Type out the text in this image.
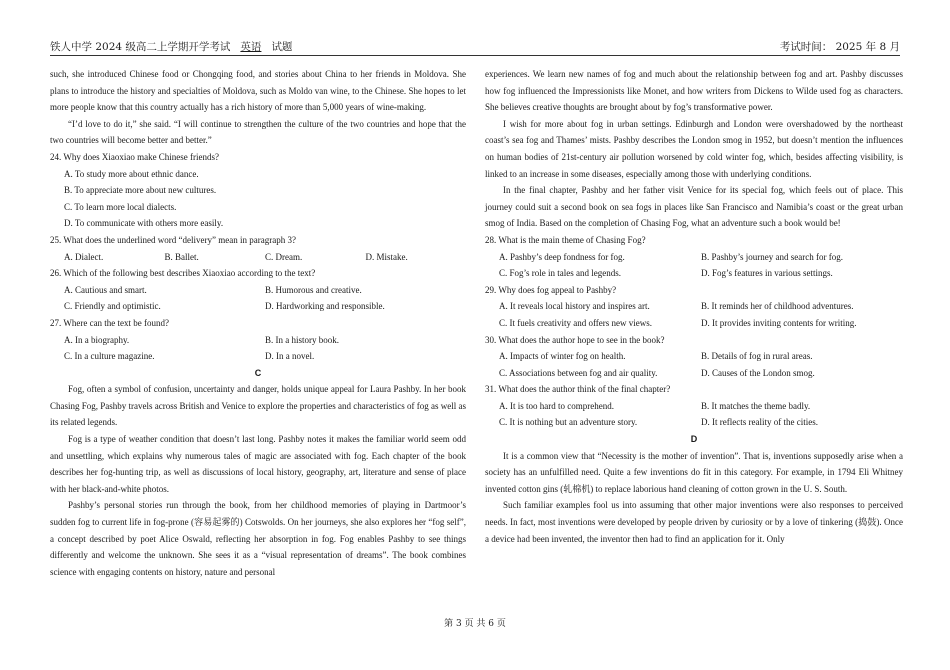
铁人中学 2024 级高二上学期开学考试 英语 试题	考试时间： 2025 年 8 月

such, she introduced Chinese food or Chongqing food, and stories about China to her friends in Moldova. She plans to introduce the history and specialties of Moldova, such as Moldo van wine, to the Chinese. She hopes to let more people know that this country actually has a rich history of more than 5,000 years of wine-making.

“I’d love to do it,” she said. “I will continue to strengthen the culture of the two countries and hope that the two countries will become better and better.”

24. Why does Xiaoxiao make Chinese friends?

A. To study more about ethnic dance.
B. To appreciate more about new cultures.
C. To learn more local dialects.
D. To communicate with others more easily.

25. What does the underlined word “delivery” mean in paragraph 3?

A. Dialect.	B. Ballet.	C. Dream.	D. Mistake.

26. Which of the following best describes Xiaoxiao according to the text?

A. Cautious and smart.	B. Humorous and creative.
C. Friendly and optimistic.	D. Hardworking and responsible.

27. Where can the text be found?

A. In a biography.	B. In a history book.
C. In a culture magazine.	D. In a novel.

C

Fog, often a symbol of confusion, uncertainty and danger, holds unique appeal for Laura Pashby. In her book Chasing Fog, Pashby travels across British and Venice to explore the properties and characteristics of fog as well as its related legends.

Fog is a type of weather condition that doesn’t last long. Pashby notes it makes the familiar world seem odd and unsettling, which explains why numerous tales of magic are associated with fog. Each chapter of the book describes her fog-hunting trip, as well as discussions of local history, geography, art, literature and sense of place with her black-and-white photos.

Pashby’s personal stories run through the book, from her childhood memories of playing in Dartmoor’s sudden fog to current life in fog-prone (容易起雾的) Cotswolds. On her journeys, she also explores her “fog self”, a concept described by poet Alice Oswald, reflecting her absorption in fog. Fog enables Pashby to see things differently and welcome the unknown. She sees it as a “visual representation of dreams”. The book combines science with engaging contents on history, nature and personal

experiences. We learn new names of fog and much about the relationship between fog and art. Pashby discusses how fog influenced the Impressionists like Monet, and how writers from Dickens to Wilde used fog as characters. She believes creative thoughts are brought about by fog’s transformative power.

I wish for more about fog in urban settings. Edinburgh and London were overshadowed by the northeast coast’s sea fog and Thames’ mists. Pashby describes the London smog in 1952, but doesn’t mention the influences on human bodies of 21st-century air pollution worsened by cold winter fog, which, besides affecting visibility, is linked to an increase in some diseases, especially among those with underlying conditions.

In the final chapter, Pashby and her father visit Venice for its special fog, which feels out of place. This journey could suit a second book on sea fogs in places like San Francisco and Namibia’s coast or the great urban smog of India. Based on the completion of Chasing Fog, what an adventure such a book would be!

28. What is the main theme of Chasing Fog?

A. Pashby’s deep fondness for fog.	B. Pashby’s journey and search for fog.
C. Fog’s role in tales and legends.	D. Fog’s features in various settings.

29. Why does fog appeal to Pashby?

A. It reveals local history and inspires art.	B. It reminds her of childhood adventures.
C. It fuels creativity and offers new views.	D. It provides inviting contents for writing.

30. What does the author hope to see in the book?

A. Impacts of winter fog on health.	B. Details of fog in rural areas.
C. Associations between fog and air quality.	D. Causes of the London smog.

31. What does the author think of the final chapter?

A. It is too hard to comprehend.	B. It matches the theme badly.
C. It is nothing but an adventure story.	D. It reflects reality of the cities.

D

It is a common view that “Necessity is the mother of invention”. That is, inventions supposedly arise when a society has an unfulfilled need. Quite a few inventions do fit in this category. For example, in 1794 Eli Whitney invented cotton gins (轧棉机) to replace laborious hand cleaning of cotton grown in the U. S. South.

Such familiar examples fool us into assuming that other major inventions were also responses to perceived needs. In fact, most inventions were developed by people driven by curiosity or by a love of tinkering (捣鼓). Once a device had been invented, the inventor then had to find an application for it. Only

第 3 页 共 6 页
